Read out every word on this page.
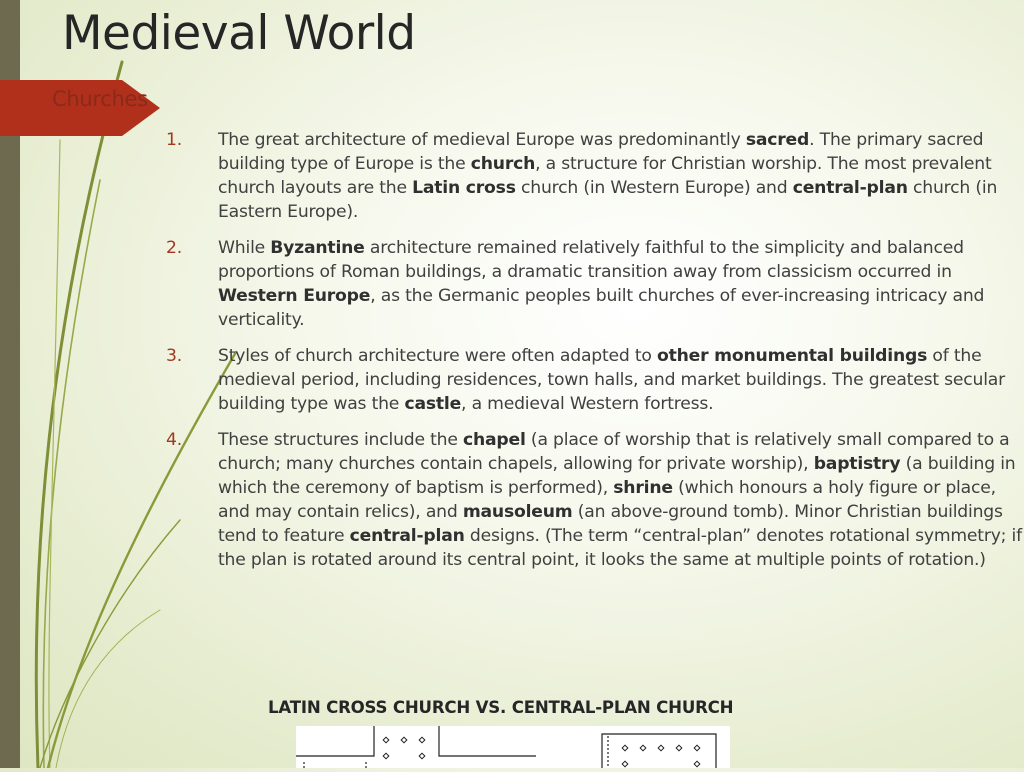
Medieval World
Churches
1. The great architecture of medieval Europe was predominantly sacred. The primary sacred building type of Europe is the church, a structure for Christian worship. The most prevalent church layouts are the Latin cross church (in Western Europe) and central-plan church (in Eastern Europe).
2. While Byzantine architecture remained relatively faithful to the simplicity and balanced proportions of Roman buildings, a dramatic transition away from classicism occurred in Western Europe, as the Germanic peoples built churches of ever-increasing intricacy and verticality.
3. Styles of church architecture were often adapted to other monumental buildings of the medieval period, including residences, town halls, and market buildings. The greatest secular building type was the castle, a medieval Western fortress.
4. These structures include the chapel (a place of worship that is relatively small compared to a church; many churches contain chapels, allowing for private worship), baptistry (a building in which the ceremony of baptism is performed), shrine (which honours a holy figure or place, and may contain relics), and mausoleum (an above-ground tomb). Minor Christian buildings tend to feature central-plan designs. (The term “central-plan” denotes rotational symmetry; if the plan is rotated around its central point, it looks the same at multiple points of rotation.)
LATIN CROSS CHURCH VS. CENTRAL-PLAN CHURCH
